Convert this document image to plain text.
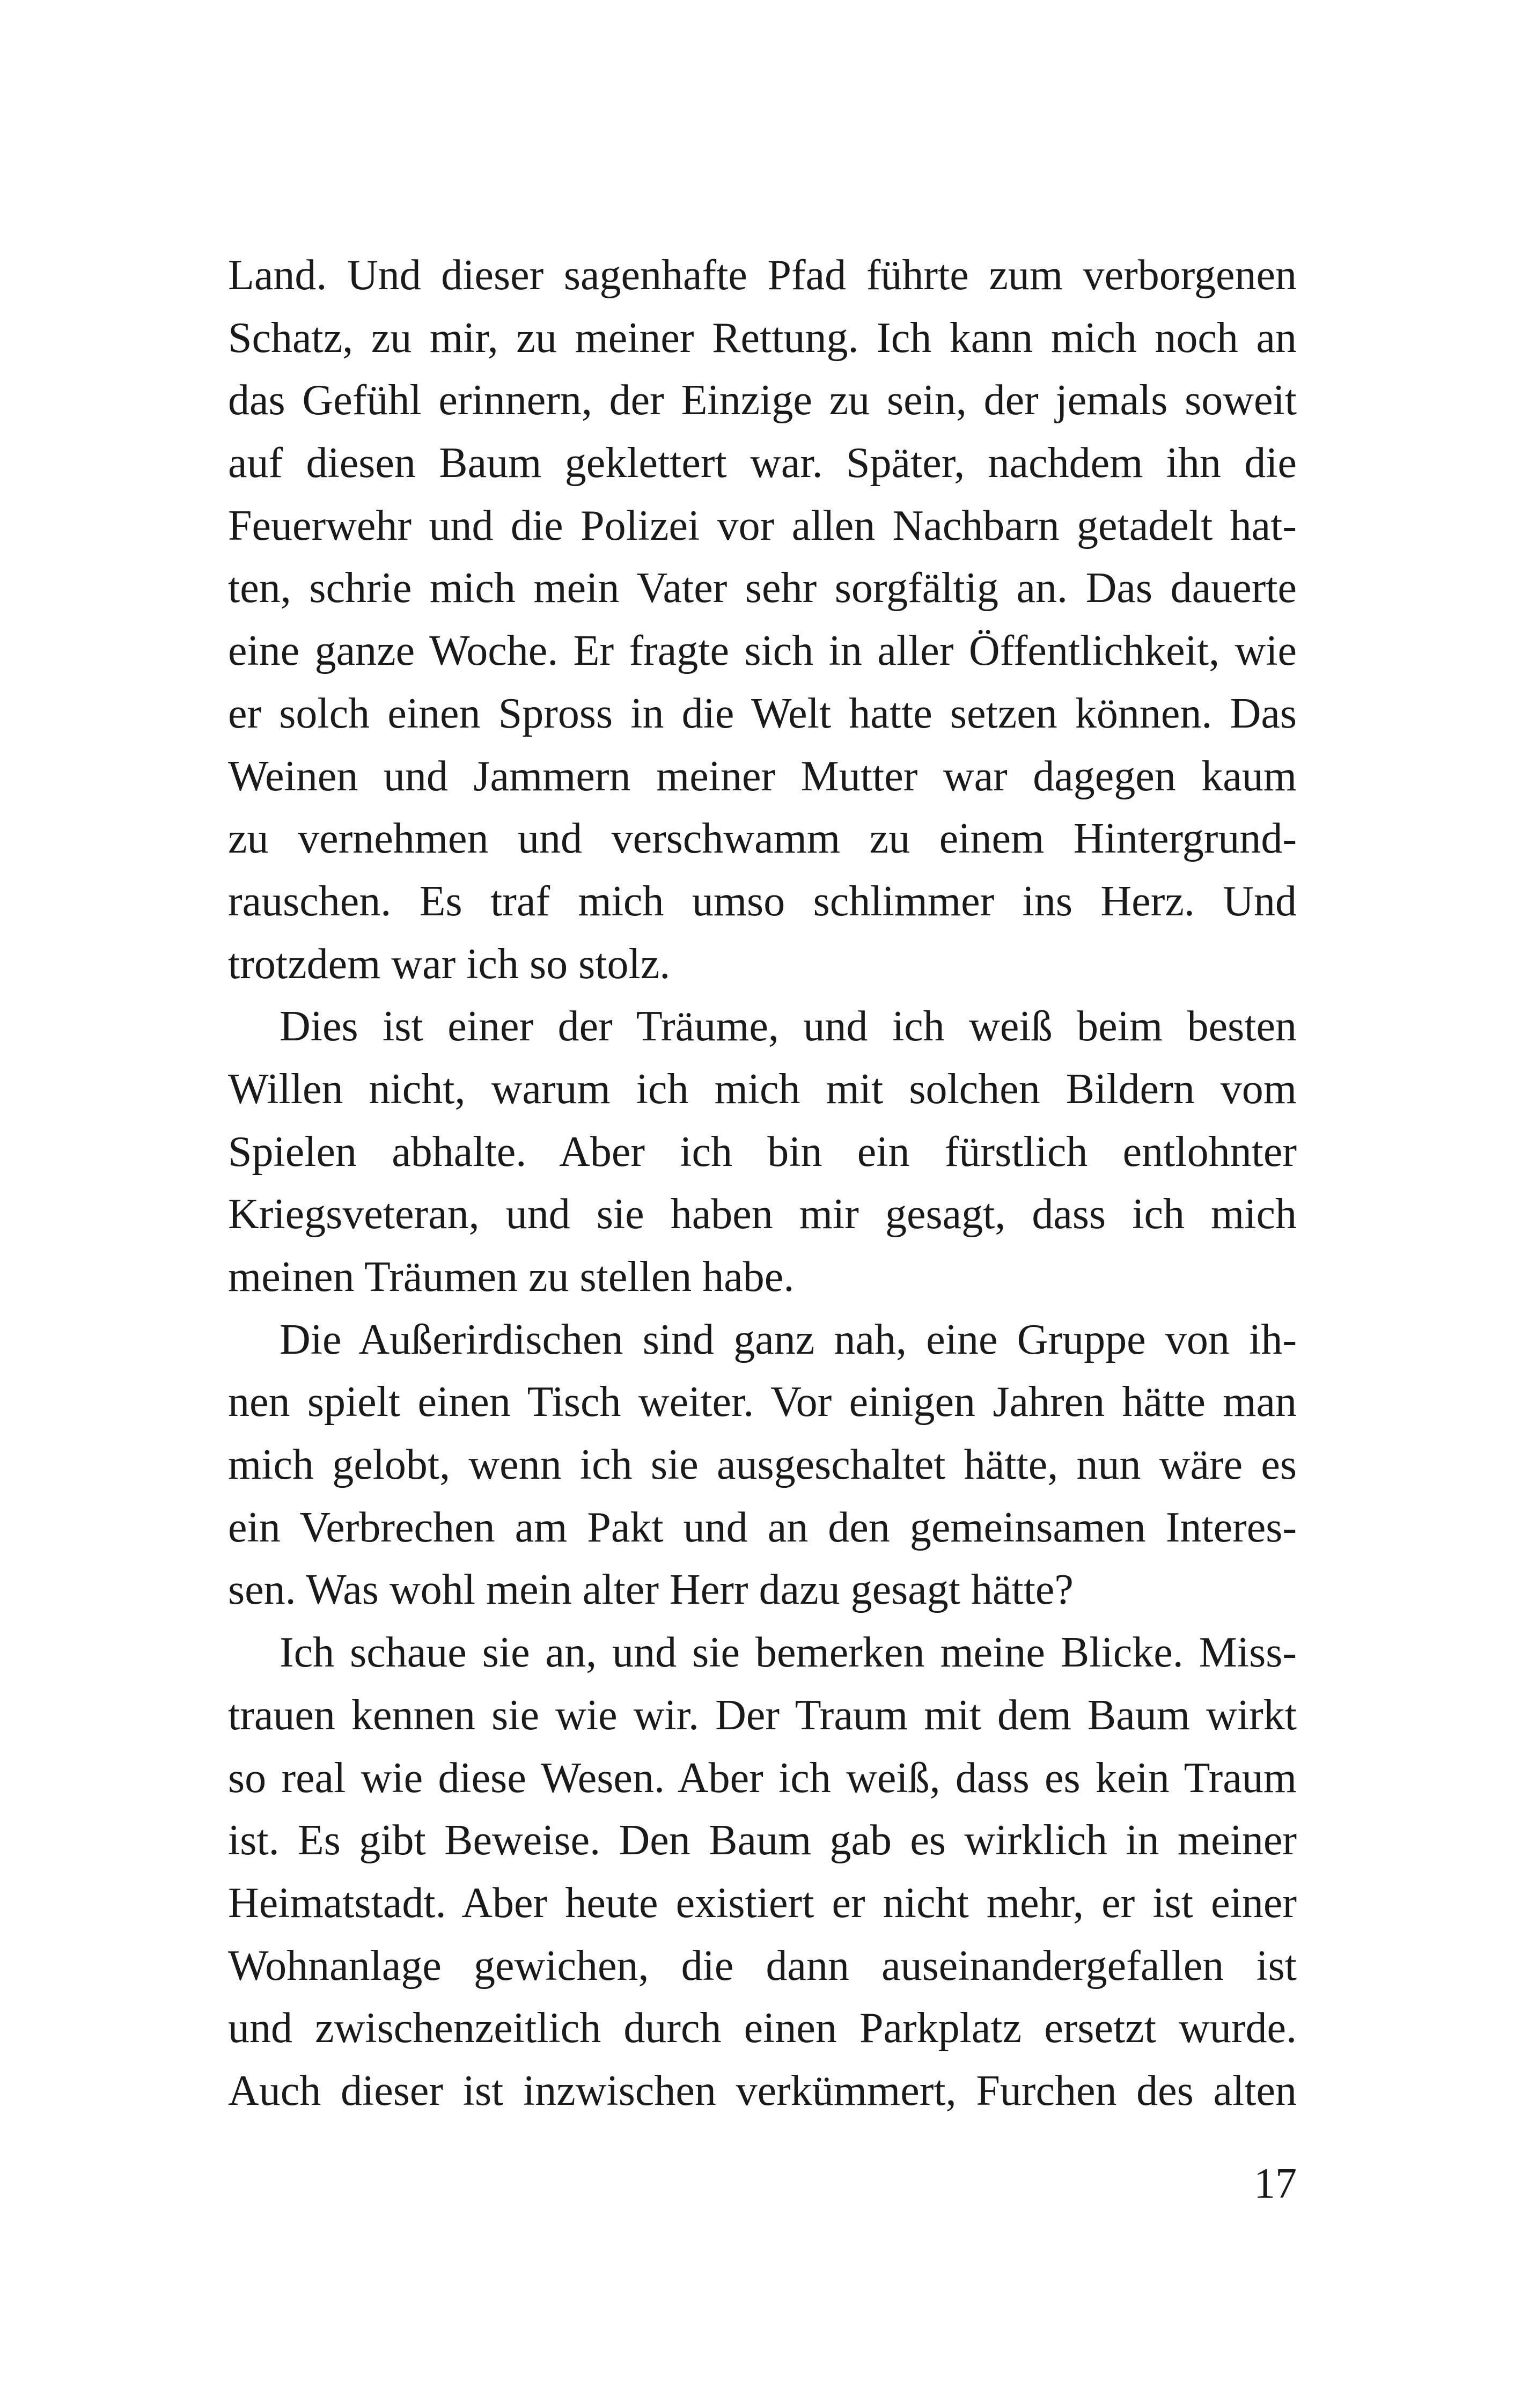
Land. Und dieser sagenhafte Pfad führte zum verborgenen
Schatz, zu mir, zu meiner Rettung. Ich kann mich noch an
das Gefühl erinnern, der Einzige zu sein, der jemals soweit
auf diesen Baum geklettert war. Später, nachdem ihn die
Feuerwehr und die Polizei vor allen Nachbarn getadelt hat-
ten, schrie mich mein Vater sehr sorgfältig an. Das dauerte
eine ganze Woche. Er fragte sich in aller Öffentlichkeit, wie
er solch einen Spross in die Welt hatte setzen können. Das
Weinen und Jammern meiner Mutter war dagegen kaum
zu vernehmen und verschwamm zu einem Hintergrund-
rauschen. Es traf mich umso schlimmer ins Herz. Und
trotzdem war ich so stolz.
Dies ist einer der Träume, und ich weiß beim besten
Willen nicht, warum ich mich mit solchen Bildern vom
Spielen abhalte. Aber ich bin ein fürstlich entlohnter
Kriegsveteran, und sie haben mir gesagt, dass ich mich
meinen Träumen zu stellen habe.
Die Außerirdischen sind ganz nah, eine Gruppe von ih-
nen spielt einen Tisch weiter. Vor einigen Jahren hätte man
mich gelobt, wenn ich sie ausgeschaltet hätte, nun wäre es
ein Verbrechen am Pakt und an den gemeinsamen Interes-
sen. Was wohl mein alter Herr dazu gesagt hätte?
Ich schaue sie an, und sie bemerken meine Blicke. Miss-
trauen kennen sie wie wir. Der Traum mit dem Baum wirkt
so real wie diese Wesen. Aber ich weiß, dass es kein Traum
ist. Es gibt Beweise. Den Baum gab es wirklich in meiner
Heimatstadt. Aber heute existiert er nicht mehr, er ist einer
Wohnanlage gewichen, die dann auseinandergefallen ist
und zwischenzeitlich durch einen Parkplatz ersetzt wurde.
Auch dieser ist inzwischen verkümmert, Furchen des alten
17
